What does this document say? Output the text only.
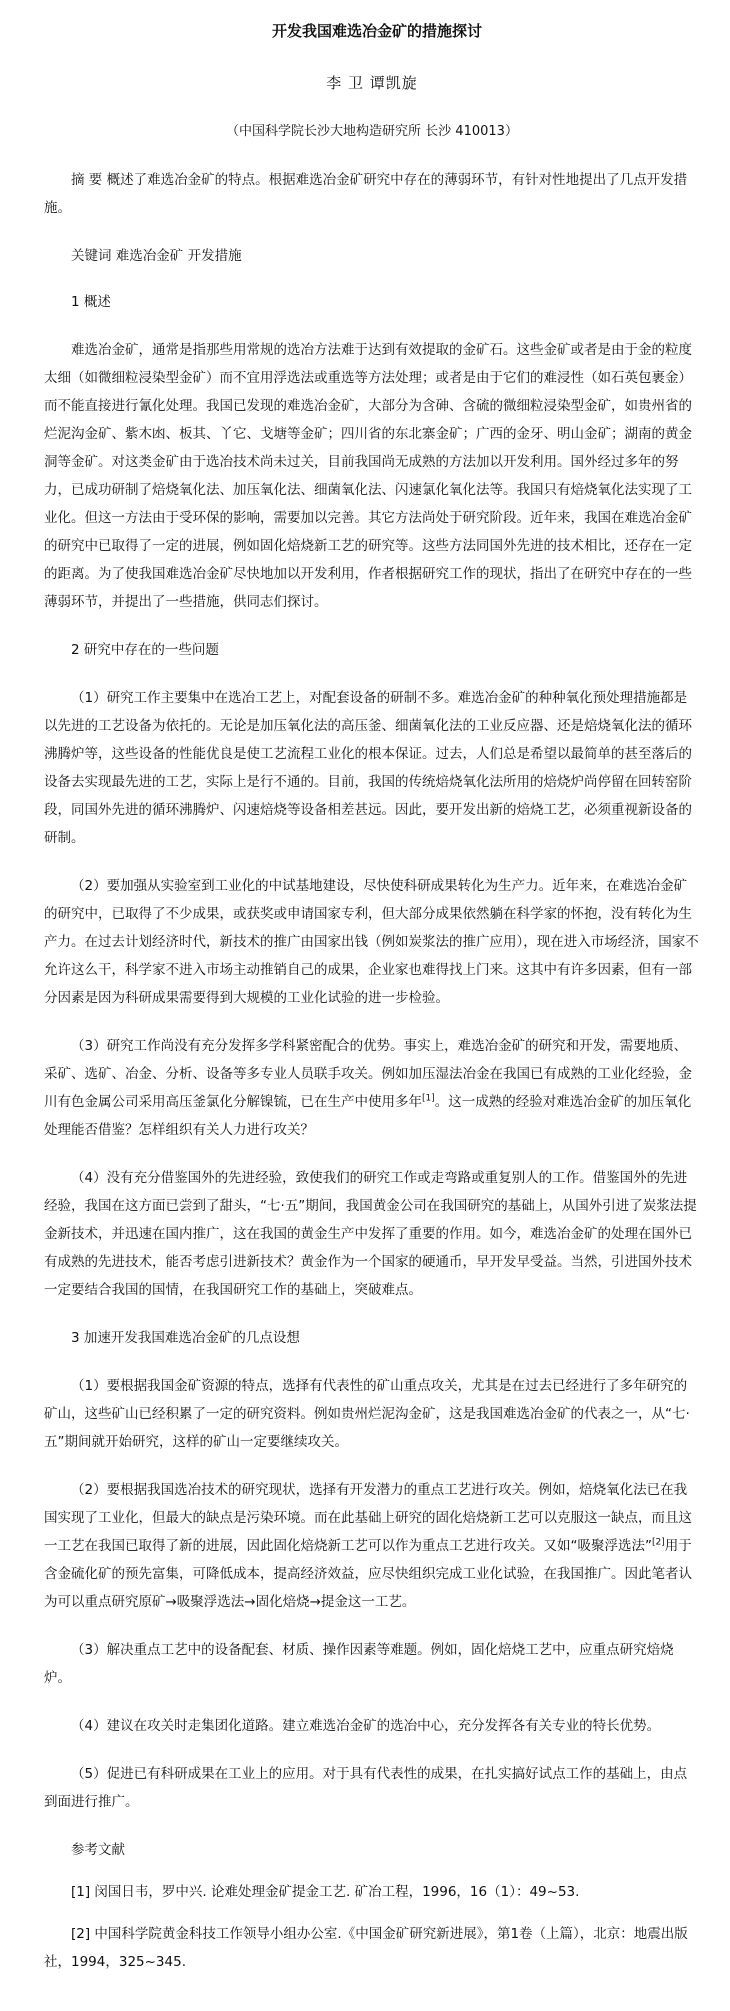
开发我国难选冶金矿的措施探讨
李 卫 谭凯旋
（中国科学院长沙大地构造研究所 长沙 410013）

摘 要 概述了难选冶金矿的特点。根据难选冶金矿研究中存在的薄弱环节，有针对性地提出了几点开发措施。

关键词 难选冶金矿 开发措施

1 概述

难选冶金矿，通常是指那些用常规的选冶方法难于达到有效提取的金矿石。这些金矿或者是由于金的粒度太细（如微细粒浸染型金矿）而不宜用浮选法或重选等方法处理；或者是由于它们的难浸性（如石英包裹金）而不能直接进行氰化处理。我国已发现的难选冶金矿，大部分为含砷、含硫的微细粒浸染型金矿，如贵州省的烂泥沟金矿、紫木凼、板其、丫它、戈塘等金矿；四川省的东北寨金矿；广西的金牙、明山金矿；湖南的黄金洞等金矿。对这类金矿由于选冶技术尚未过关，目前我国尚无成熟的方法加以开发利用。国外经过多年的努力，已成功研制了焙烧氧化法、加压氧化法、细菌氧化法、闪速氯化氧化法等。我国只有焙烧氧化法实现了工业化。但这一方法由于受环保的影响，需要加以完善。其它方法尚处于研究阶段。近年来，我国在难选冶金矿的研究中已取得了一定的进展，例如固化焙烧新工艺的研究等。这些方法同国外先进的技术相比，还存在一定的距离。为了使我国难选冶金矿尽快地加以开发利用，作者根据研究工作的现状，指出了在研究中存在的一些薄弱环节，并提出了一些措施，供同志们探讨。

2 研究中存在的一些问题

（1）研究工作主要集中在选冶工艺上，对配套设备的研制不多。难选冶金矿的种种氧化预处理措施都是以先进的工艺设备为依托的。无论是加压氧化法的高压釜、细菌氧化法的工业反应器、还是焙烧氧化法的循环沸腾炉等，这些设备的性能优良是使工艺流程工业化的根本保证。过去，人们总是希望以最简单的甚至落后的设备去实现最先进的工艺，实际上是行不通的。目前，我国的传统焙烧氧化法所用的焙烧炉尚停留在回转窑阶段，同国外先进的循环沸腾炉、闪速焙烧等设备相差甚远。因此，要开发出新的焙烧工艺，必须重视新设备的研制。

（2）要加强从实验室到工业化的中试基地建设，尽快使科研成果转化为生产力。近年来，在难选冶金矿的研究中，已取得了不少成果，或获奖或申请国家专利，但大部分成果依然躺在科学家的怀抱，没有转化为生产力。在过去计划经济时代，新技术的推广由国家出钱（例如炭浆法的推广应用），现在进入市场经济，国家不允许这么干，科学家不进入市场主动推销自己的成果，企业家也难得找上门来。这其中有许多因素，但有一部分因素是因为科研成果需要得到大规模的工业化试验的进一步检验。

（3）研究工作尚没有充分发挥多学科紧密配合的优势。事实上，难选冶金矿的研究和开发，需要地质、采矿、选矿、冶金、分析、设备等多专业人员联手攻关。例如加压湿法冶金在我国已有成熟的工业化经验，金川有色金属公司采用高压釜氯化分解镍锍，已在生产中使用多年[1]。这一成熟的经验对难选冶金矿的加压氧化处理能否借鉴？怎样组织有关人力进行攻关？

（4）没有充分借鉴国外的先进经验，致使我们的研究工作或走弯路或重复别人的工作。借鉴国外的先进经验，我国在这方面已尝到了甜头，“七·五”期间，我国黄金公司在我国研究的基础上，从国外引进了炭浆法提金新技术，并迅速在国内推广，这在我国的黄金生产中发挥了重要的作用。如今，难选冶金矿的处理在国外已有成熟的先进技术，能否考虑引进新技术？黄金作为一个国家的硬通币，早开发早受益。当然，引进国外技术一定要结合我国的国情，在我国研究工作的基础上，突破难点。

3 加速开发我国难选冶金矿的几点设想

（1）要根据我国金矿资源的特点，选择有代表性的矿山重点攻关，尤其是在过去已经进行了多年研究的矿山，这些矿山已经积累了一定的研究资料。例如贵州烂泥沟金矿，这是我国难选冶金矿的代表之一，从“七·五”期间就开始研究，这样的矿山一定要继续攻关。

（2）要根据我国选冶技术的研究现状，选择有开发潜力的重点工艺进行攻关。例如，焙烧氧化法已在我国实现了工业化，但最大的缺点是污染环境。而在此基础上研究的固化焙烧新工艺可以克服这一缺点，而且这一工艺在我国已取得了新的进展，因此固化焙烧新工艺可以作为重点工艺进行攻关。又如“吸聚浮选法”[2]用于含金硫化矿的预先富集，可降低成本，提高经济效益，应尽快组织完成工业化试验，在我国推广。因此笔者认为可以重点研究原矿→吸聚浮选法→固化焙烧→提金这一工艺。

（3）解决重点工艺中的设备配套、材质、操作因素等难题。例如，固化焙烧工艺中，应重点研究焙烧炉。

（4）建议在攻关时走集团化道路。建立难选冶金矿的选冶中心，充分发挥各有关专业的特长优势。

（5）促进已有科研成果在工业上的应用。对于具有代表性的成果，在扎实搞好试点工作的基础上，由点到面进行推广。

参考文献

[1] 闵国日韦，罗中兴. 论难处理金矿提金工艺. 矿冶工程，1996，16（1）：49~53.

[2] 中国科学院黄金科技工作领导小组办公室.《中国金矿研究新进展》，第1卷（上篇），北京：地震出版社，1994，325~345.
